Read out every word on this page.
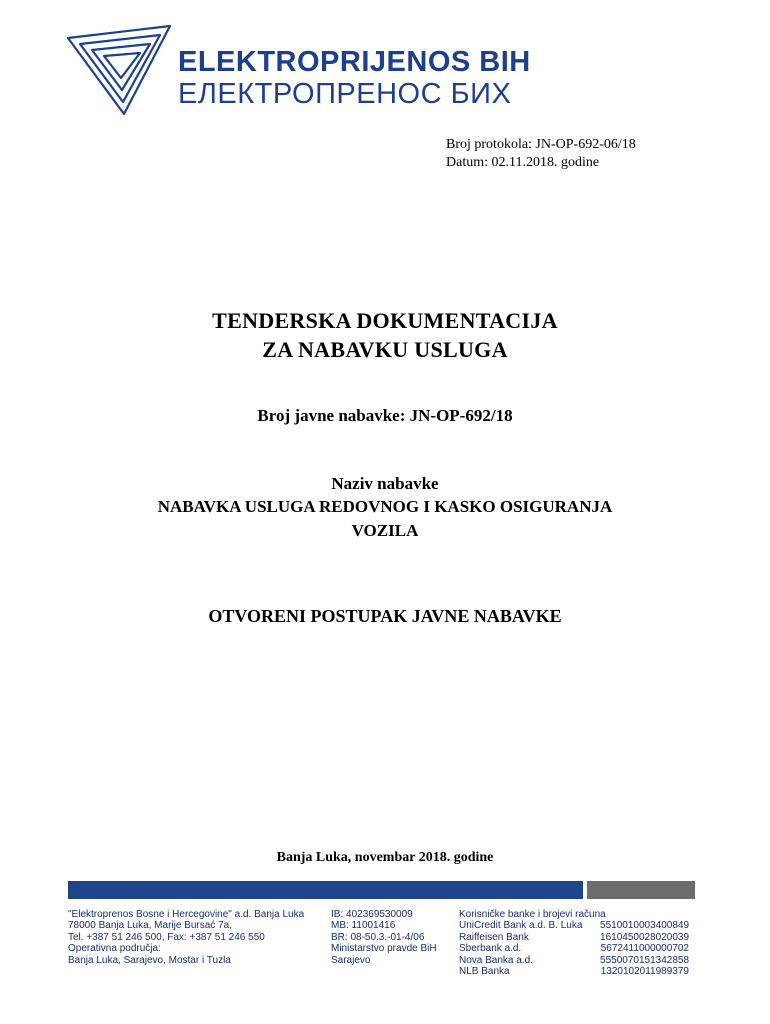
ELEKTROPRIJENOS BIH
ЕЛЕКТРОПРЕНОС БИХ
Broj protokola: JN-OP-692-06/18
Datum: 02.11.2018. godine
TENDERSKA DOKUMENTACIJA
ZA NABAVKU USLUGA
Broj javne nabavke: JN-OP-692/18
Naziv nabavke
NABAVKA USLUGA REDOVNOG I KASKO OSIGURANJA
VOZILA
OTVORENI POSTUPAK JAVNE NABAVKE
Banja Luka, novembar 2018. godine
"Elektroprenos Bosne i Hercegovine" a.d. Banja Luka
78000 Banja Luka, Marije Bursać 7a,
Tel. +387 51 246 500, Fax: +387 51 246 550
Operativna područja:
Banja Luka, Sarajevo, Mostar i Tuzla
IB: 402369530009
MB: 11001416
BR: 08-50.3.-01-4/06
Ministarstvo pravde BiH
Sarajevo
Korisničke banke i brojevi računa
UniCredit Bank a.d. B. Luka	5510010003400849
Raiffeisen Bank	1610450028020039
Sberbank a.d.	5672411000000702
Nova Banka a.d.	5550070151342858
NLB Banka	1320102011989379
